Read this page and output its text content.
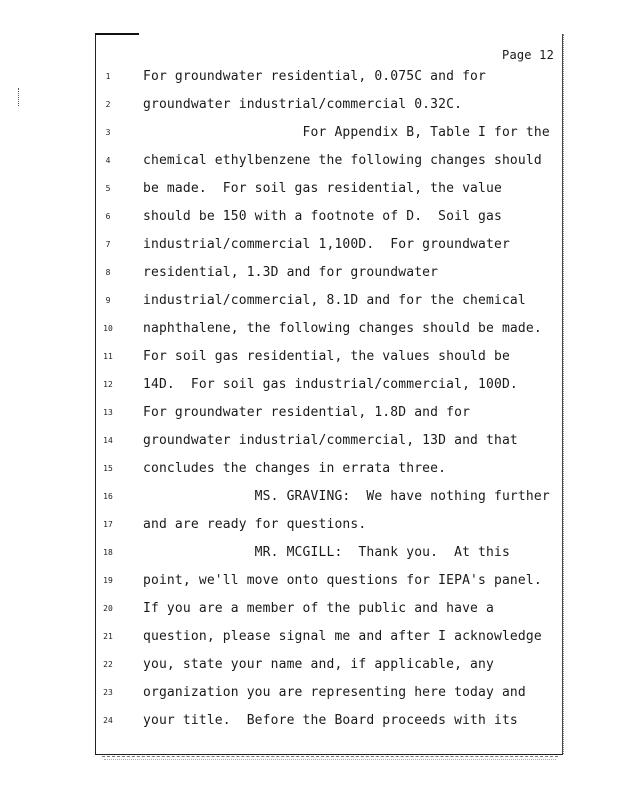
Page 12
1	For groundwater residential, 0.075C and for
2	groundwater industrial/commercial 0.32C.
3	For Appendix B, Table I for the
4	chemical ethylbenzene the following changes should
5	be made.  For soil gas residential, the value
6	should be 150 with a footnote of D.  Soil gas
7	industrial/commercial 1,100D.  For groundwater
8	residential, 1.3D and for groundwater
9	industrial/commercial, 8.1D and for the chemical
10	naphthalene, the following changes should be made.
11	For soil gas residential, the values should be
12	14D.  For soil gas industrial/commercial, 100D.
13	For groundwater residential, 1.8D and for
14	groundwater industrial/commercial, 13D and that
15	concludes the changes in errata three.
16	MS. GRAVING:  We have nothing further
17	and are ready for questions.
18	MR. MCGILL:  Thank you.  At this
19	point, we'll move onto questions for IEPA's panel.
20	If you are a member of the public and have a
21	question, please signal me and after I acknowledge
22	you, state your name and, if applicable, any
23	organization you are representing here today and
24	your title.  Before the Board proceeds with its
